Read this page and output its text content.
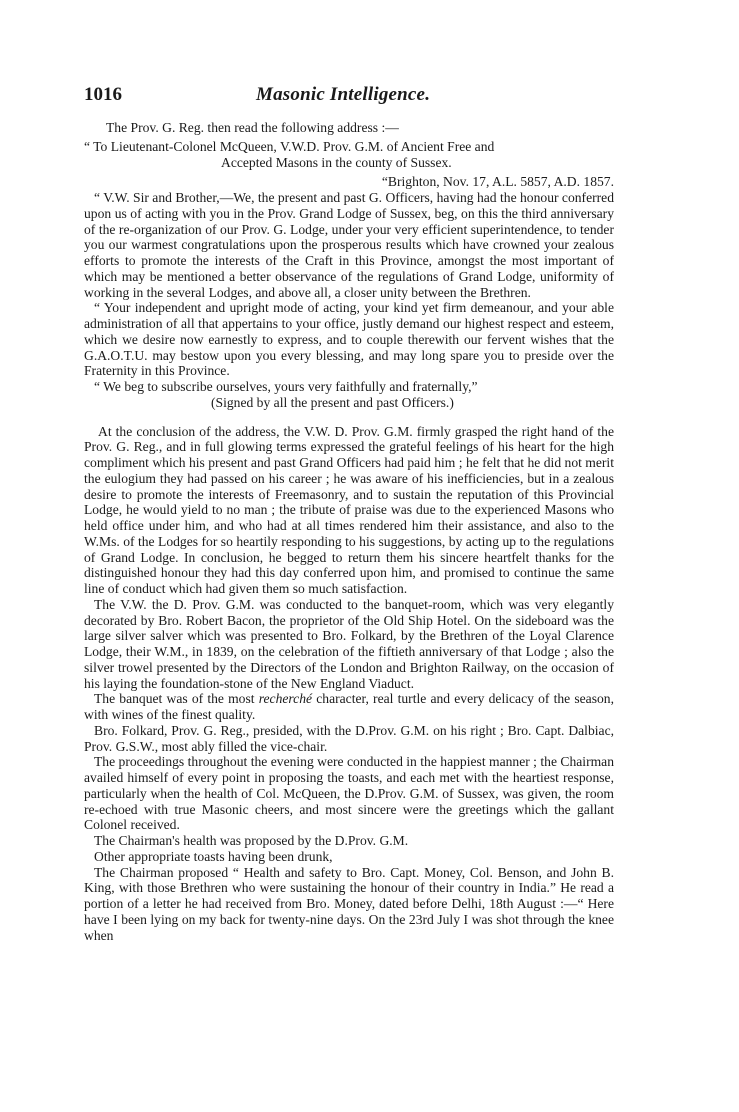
1016	Masonic Intelligence.

The Prov. G. Reg. then read the following address :—

“ To Lieutenant-Colonel McQueen, V.W.D. Prov. G.M. of Ancient Free and
Accepted Masons in the county of Sussex.

“Brighton, Nov. 17, A.L. 5857, A.D. 1857.

“ V.W. Sir and Brother,—We, the present and past G. Officers, having had the honour conferred upon us of acting with you in the Prov. Grand Lodge of Sussex, beg, on this the third anniversary of the re-organization of our Prov. G. Lodge, under your very efficient superintendence, to tender you our warmest congratulations upon the prosperous results which have crowned your zealous efforts to promote the interests of the Craft in this Province, amongst the most important of which may be mentioned a better observance of the regulations of Grand Lodge, uniformity of working in the several Lodges, and above all, a closer unity between the Brethren.

“ Your independent and upright mode of acting, your kind yet firm demeanour, and your able administration of all that appertains to your office, justly demand our highest respect and esteem, which we desire now earnestly to express, and to couple therewith our fervent wishes that the G.A.O.T.U. may bestow upon you every blessing, and may long spare you to preside over the Fraternity in this Province.

“ We beg to subscribe ourselves, yours very faithfully and fraternally,”

(Signed by all the present and past Officers.)

At the conclusion of the address, the V.W. D. Prov. G.M. firmly grasped the right hand of the Prov. G. Reg., and in full glowing terms expressed the grateful feelings of his heart for the high compliment which his present and past Grand Officers had paid him ; he felt that he did not merit the eulogium they had passed on his career ; he was aware of his inefficiencies, but in a zealous desire to promote the interests of Freemasonry, and to sustain the reputation of this Provincial Lodge, he would yield to no man ; the tribute of praise was due to the experienced Masons who held office under him, and who had at all times rendered him their assistance, and also to the W.Ms. of the Lodges for so heartily responding to his suggestions, by acting up to the regulations of Grand Lodge. In conclusion, he begged to return them his sincere heartfelt thanks for the distinguished honour they had this day conferred upon him, and promised to continue the same line of conduct which had given them so much satisfaction.

The V.W. the D. Prov. G.M. was conducted to the banquet-room, which was very elegantly decorated by Bro. Robert Bacon, the proprietor of the Old Ship Hotel. On the sideboard was the large silver salver which was presented to Bro. Folkard, by the Brethren of the Loyal Clarence Lodge, their W.M., in 1839, on the celebration of the fiftieth anniversary of that Lodge ; also the silver trowel presented by the Directors of the London and Brighton Railway, on the occasion of his laying the foundation-stone of the New England Viaduct.

The banquet was of the most recherché character, real turtle and every delicacy of the season, with wines of the finest quality.

Bro. Folkard, Prov. G. Reg., presided, with the D.Prov. G.M. on his right ; Bro. Capt. Dalbiac, Prov. G.S.W., most ably filled the vice-chair.

The proceedings throughout the evening were conducted in the happiest manner ; the Chairman availed himself of every point in proposing the toasts, and each met with the heartiest response, particularly when the health of Col. McQueen, the D.Prov. G.M. of Sussex, was given, the room re-echoed with true Masonic cheers, and most sincere were the greetings which the gallant Colonel received.

The Chairman's health was proposed by the D.Prov. G.M.

Other appropriate toasts having been drunk,

The Chairman proposed “ Health and safety to Bro. Capt. Money, Col. Benson, and John B. King, with those Brethren who were sustaining the honour of their country in India.” He read a portion of a letter he had received from Bro. Money, dated before Delhi, 18th August :—“ Here have I been lying on my back for twenty-nine days. On the 23rd July I was shot through the knee when
